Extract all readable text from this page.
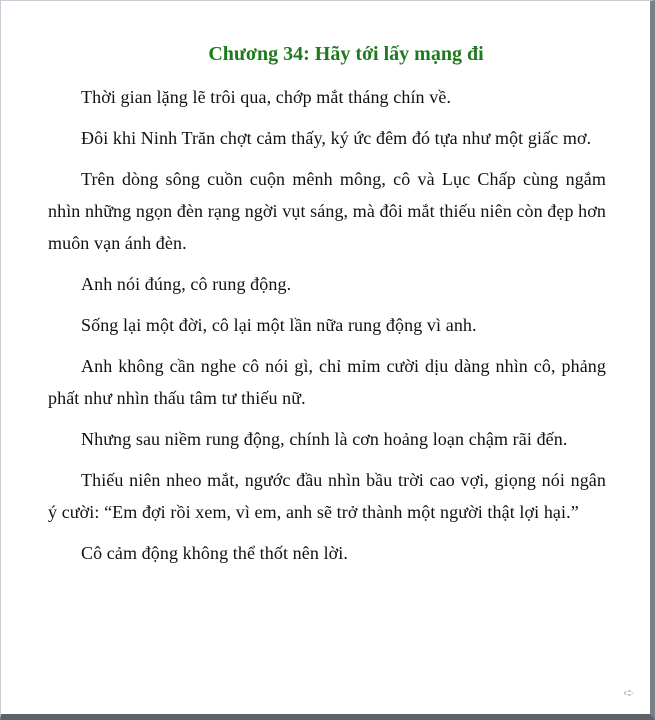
Chương 34: Hãy tới lấy mạng đi

Thời gian lặng lẽ trôi qua, chớp mắt tháng chín về.

Đôi khi Ninh Trăn chợt cảm thấy, ký ức đêm đó tựa như một giấc mơ.

Trên dòng sông cuồn cuộn mênh mông, cô và Lục Chấp cùng ngắm nhìn những ngọn đèn rạng ngời vụt sáng, mà đôi mắt thiếu niên còn đẹp hơn muôn vạn ánh đèn.

Anh nói đúng, cô rung động.

Sống lại một đời, cô lại một lần nữa rung động vì anh.

Anh không cần nghe cô nói gì, chỉ mỉm cười dịu dàng nhìn cô, phảng phất như nhìn thấu tâm tư thiếu nữ.

Nhưng sau niềm rung động, chính là cơn hoảng loạn chậm rãi đến.

Thiếu niên nheo mắt, ngước đầu nhìn bầu trời cao vợi, giọng nói ngân ý cười: “Em đợi rồi xem, vì em, anh sẽ trở thành một người thật lợi hại.”

Cô cảm động không thể thốt nên lời.

➪
